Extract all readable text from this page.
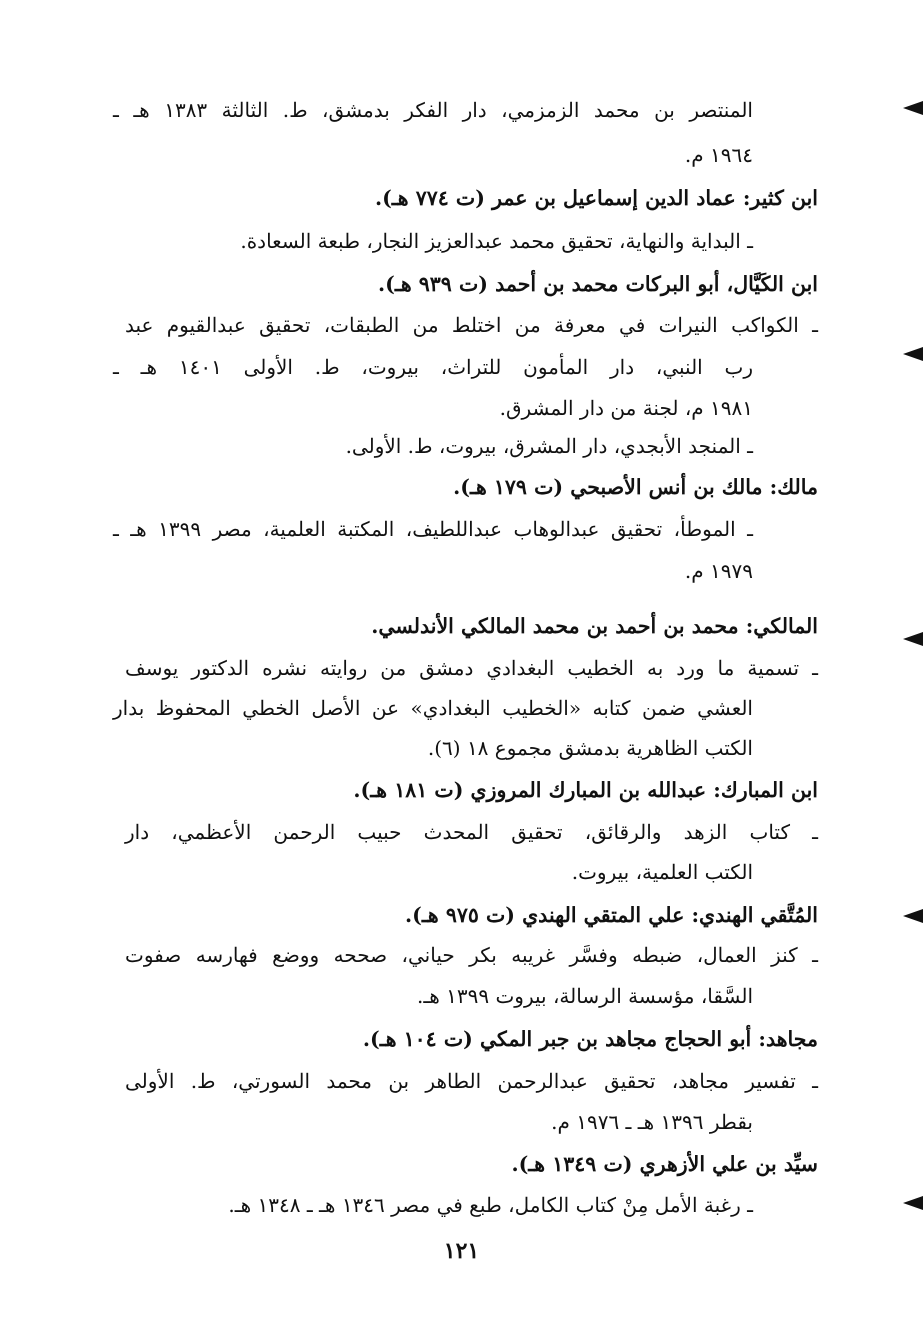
المنتصر بن محمد الزمزمي، دار الفكر بدمشق، ط. الثالثة ١٣٨٣ هـ ـ
١٩٦٤ م.
ابن كثير: عماد الدين إسماعيل بن عمر (ت ٧٧٤ هـ).
ـ البداية والنهاية، تحقيق محمد عبدالعزيز النجار، طبعة السعادة.
ابن الكَيَّال، أبو البركات محمد بن أحمد (ت ٩٣٩ هـ).
ـ الكواكب النيرات في معرفة من اختلط من الطبقات، تحقيق عبدالقيوم عبد
رب النبي، دار المأمون للتراث، بيروت، ط. الأولى ١٤٠١ هـ ـ
١٩٨١ م، لجنة من دار المشرق.
ـ المنجد الأبجدي، دار المشرق، بيروت، ط. الأولى.
مالك: مالك بن أنس الأصبحي (ت ١٧٩ هـ).
ـ الموطأ، تحقيق عبدالوهاب عبداللطيف، المكتبة العلمية، مصر ١٣٩٩ هـ ـ
١٩٧٩ م.
المالكي: محمد بن أحمد بن محمد المالكي الأندلسي.
ـ تسمية ما ورد به الخطيب البغدادي دمشق من روايته نشره الدكتور يوسف
العشي ضمن كتابه «الخطيب البغدادي» عن الأصل الخطي المحفوظ بدار
الكتب الظاهرية بدمشق مجموع ١٨ (٦).
ابن المبارك: عبدالله بن المبارك المروزي (ت ١٨١ هـ).
ـ كتاب الزهد والرقائق، تحقيق المحدث حبيب الرحمن الأعظمي، دار
الكتب العلمية، بيروت.
المُتَّقي الهندي: علي المتقي الهندي (ت ٩٧٥ هـ).
ـ كنز العمال، ضبطه وفسَّر غريبه بكر حياني، صححه ووضع فهارسه صفوت
السَّقا، مؤسسة الرسالة، بيروت ١٣٩٩ هـ.
مجاهد: أبو الحجاج مجاهد بن جبر المكي (ت ١٠٤ هـ).
ـ تفسير مجاهد، تحقيق عبدالرحمن الطاهر بن محمد السورتي، ط. الأولى
بقطر ١٣٩٦ هـ ـ ١٩٧٦ م.
سيِّد بن علي الأزهري (ت ١٣٤٩ هـ).
ـ رغبة الأمل مِنْ كتاب الكامل، طبع في مصر ١٣٤٦ هـ ـ ١٣٤٨ هـ.
١٢١
